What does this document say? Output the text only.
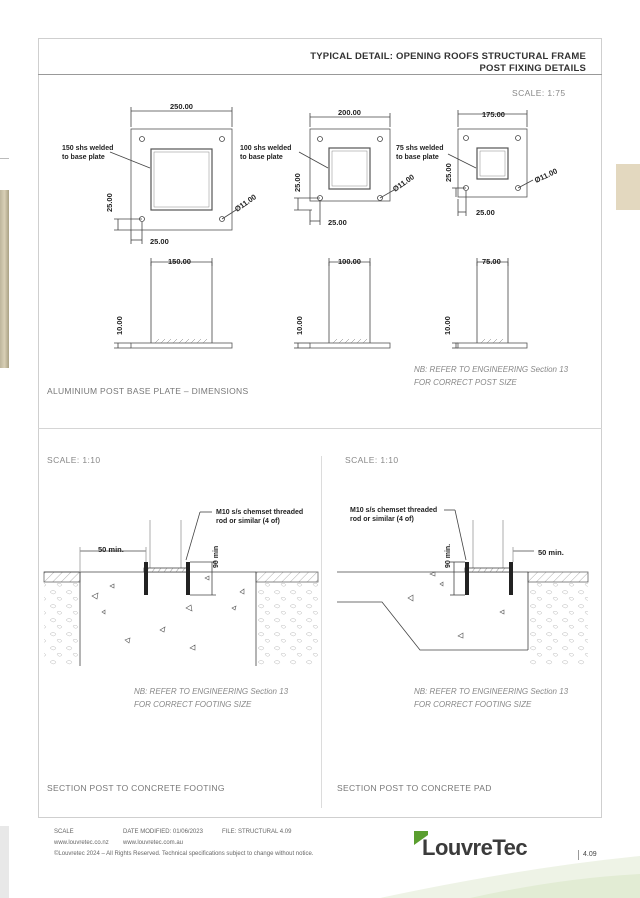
TYPICAL DETAIL: OPENING ROOFS STRUCTURAL FRAME
POST FIXING DETAILS
SCALE: 1:75
250.00
150 shs welded
to base plate
Ø11.00
25.00
25.00
150.00
10.00
200.00
100 shs welded
to base plate
Ø11.00
25.00
25.00
100.00
10.00
175.00
75 shs welded
to base plate
Ø11.00
25.00
25.00
75.00
10.00
NB: REFER TO ENGINEERING Section 13
FOR CORRECT POST SIZE
ALUMINIUM POST BASE PLATE – DIMENSIONS
SCALE: 1:10	SCALE: 1:10
M10 s/s chemset threaded
rod or similar (4 of)
50 min.	90 min
M10 s/s chemset threaded
rod or similar (4 of)
50 min.
90 min.
NB: REFER TO ENGINEERING Section 13
FOR CORRECT FOOTING SIZE
NB: REFER TO ENGINEERING Section 13
FOR CORRECT FOOTING SIZE
SECTION POST TO CONCRETE FOOTING	SECTION POST TO CONCRETE PAD
SCALE	DATE MODIFIED: 01/06/2023	FILE: STRUCTURAL 4.09
www.louvretec.co.nz www.louvretec.com.au
©Louvretec 2024 – All Rights Reserved. Technical specifications subject to change without notice.	LouvreTec	4.09
